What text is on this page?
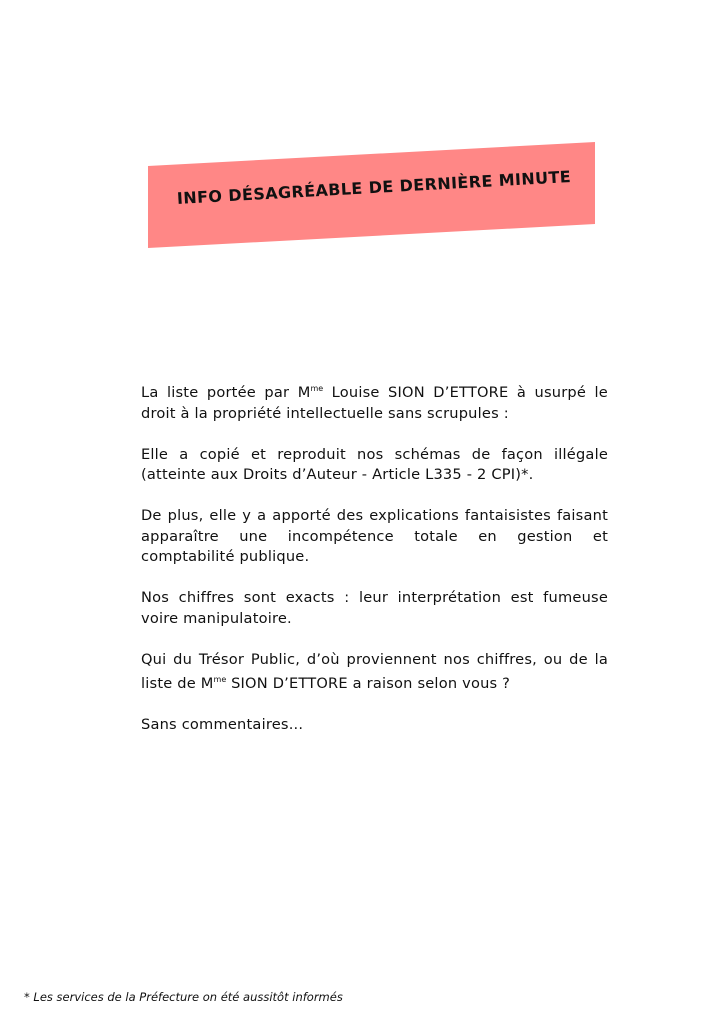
INFO DÉSAGRÉABLE DE DERNIÈRE MINUTE

La liste portée par $M^{me}$ Louise SION D’ETTORE à usurpé le droit à la propriété intellectuelle sans scrupules :

Elle a copié et reproduit nos schémas de façon illégale (atteinte aux Droits d’Auteur - Article L335 - 2 CPI)*.

De plus, elle y a apporté des explications fantaisistes faisant apparaître une incompétence totale en gestion et comptabilité publique.

Nos chiffres sont exacts : leur interprétation est fumeuse voire manipulatoire.

Qui du Trésor Public, d’où proviennent nos chiffres, ou de la liste de $M^{me}$ SION D’ETTORE a raison selon vous ?

Sans commentaires...

* Les services de la Préfecture on été aussitôt informés
